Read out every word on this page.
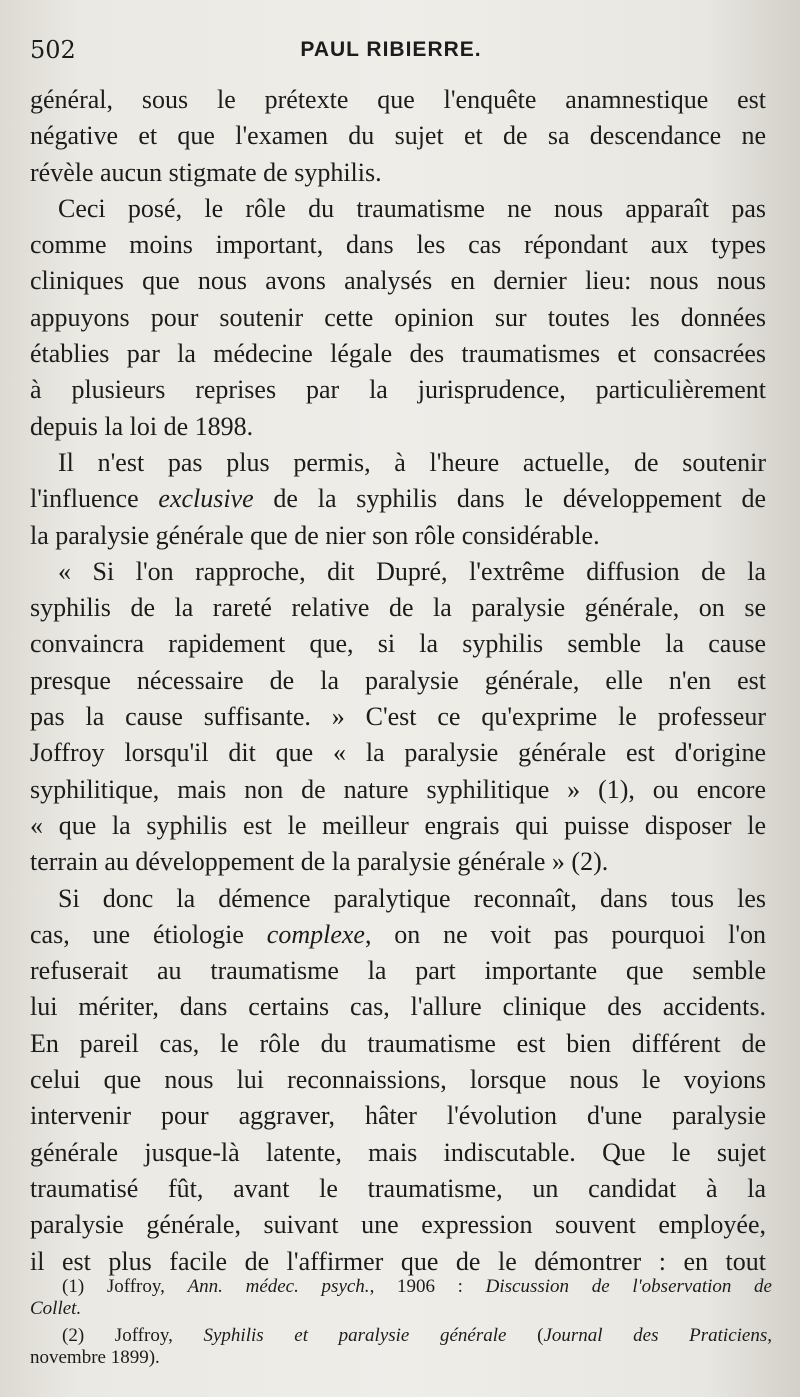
502	PAUL RIBIERRE.
général, sous le prétexte que l'enquête anamnestique est
négative et que l'examen du sujet et de sa descendance ne
révèle aucun stigmate de syphilis.
Ceci posé, le rôle du traumatisme ne nous apparaît pas
comme moins important, dans les cas répondant aux types
cliniques que nous avons analysés en dernier lieu: nous nous
appuyons pour soutenir cette opinion sur toutes les données
établies par la médecine légale des traumatismes et consacrées
à plusieurs reprises par la jurisprudence, particulièrement
depuis la loi de 1898.
Il n'est pas plus permis, à l'heure actuelle, de soutenir
l'influence exclusive de la syphilis dans le développement de
la paralysie générale que de nier son rôle considérable.
« Si l'on rapproche, dit Dupré, l'extrême diffusion de la
syphilis de la rareté relative de la paralysie générale, on se
convaincra rapidement que, si la syphilis semble la cause
presque nécessaire de la paralysie générale, elle n'en est
pas la cause suffisante. » C'est ce qu'exprime le professeur
Joffroy lorsqu'il dit que « la paralysie générale est d'origine
syphilitique, mais non de nature syphilitique » (1), ou encore
« que la syphilis est le meilleur engrais qui puisse disposer le
terrain au développement de la paralysie générale » (2).
Si donc la démence paralytique reconnaît, dans tous les
cas, une étiologie complexe, on ne voit pas pourquoi l'on
refuserait au traumatisme la part importante que semble
lui mériter, dans certains cas, l'allure clinique des accidents.
En pareil cas, le rôle du traumatisme est bien différent de
celui que nous lui reconnaissions, lorsque nous le voyions
intervenir pour aggraver, hâter l'évolution d'une paralysie
générale jusque-là latente, mais indiscutable. Que le sujet
traumatisé fût, avant le traumatisme, un candidat à la
paralysie générale, suivant une expression souvent employée,
il est plus facile de l'affirmer que de le démontrer : en tout
(1) Joffroy, Ann. médec. psych., 1906 : Discussion de l'observation de
Collet.
(2) Joffroy, Syphilis et paralysie générale (Journal des Praticiens,
novembre 1899).
